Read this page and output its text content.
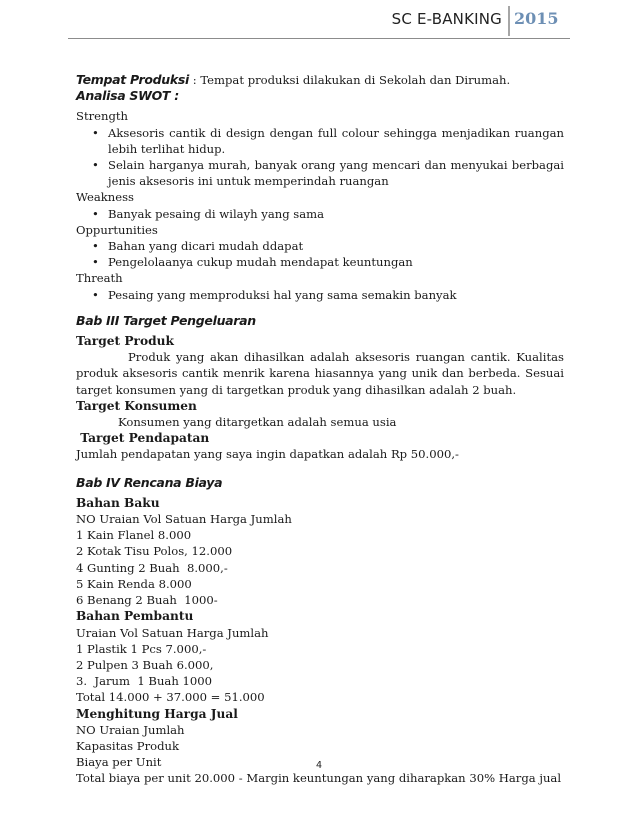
SC E-BANKING 2015
Tempat Produksi : Tempat produksi dilakukan di Sekolah dan Dirumah.
Analisa SWOT :
Strength
• Aksesoris cantik di design dengan full colour sehingga menjadikan ruangan lebih terlihat hidup.
• Selain harganya murah, banyak orang yang mencari dan menyukai berbagai jenis aksesoris ini untuk memperindah ruangan
Weakness
• Banyak pesaing di wilayh yang sama
Oppurtunities
• Bahan yang dicari mudah ddapat
• Pengelolaanya cukup mudah mendapat keuntungan
Threath
• Pesaing yang memproduksi hal yang sama semakin banyak
Bab III Target Pengeluaran
Target Produk
Produk yang akan dihasilkan adalah aksesoris ruangan cantik. Kualitas produk aksesoris cantik menrik karena hiasannya yang unik dan berbeda. Sesuai target konsumen yang di targetkan produk yang dihasilkan adalah 2 buah.
Target Konsumen
Konsumen yang ditargetkan adalah semua usia
Target Pendapatan
Jumlah pendapatan yang saya ingin dapatkan adalah Rp 50.000,-
Bab IV Rencana Biaya
Bahan Baku
NO Uraian Vol Satuan Harga Jumlah
1 Kain Flanel 8.000
2 Kotak Tisu Polos, 12.000
4 Gunting 2 Buah  8.000,-
5 Kain Renda 8.000
6 Benang 2 Buah  1000-
Bahan Pembantu
Uraian Vol Satuan Harga Jumlah
1 Plastik 1 Pcs 7.000,-
2 Pulpen 3 Buah 6.000,
3.  Jarum  1 Buah 1000
Total 14.000 + 37.000 = 51.000
Menghitung Harga Jual
NO Uraian Jumlah
Kapasitas Produk
Biaya per Unit
Total biaya per unit 20.000 - Margin keuntungan yang diharapkan 30% Harga jual
4
